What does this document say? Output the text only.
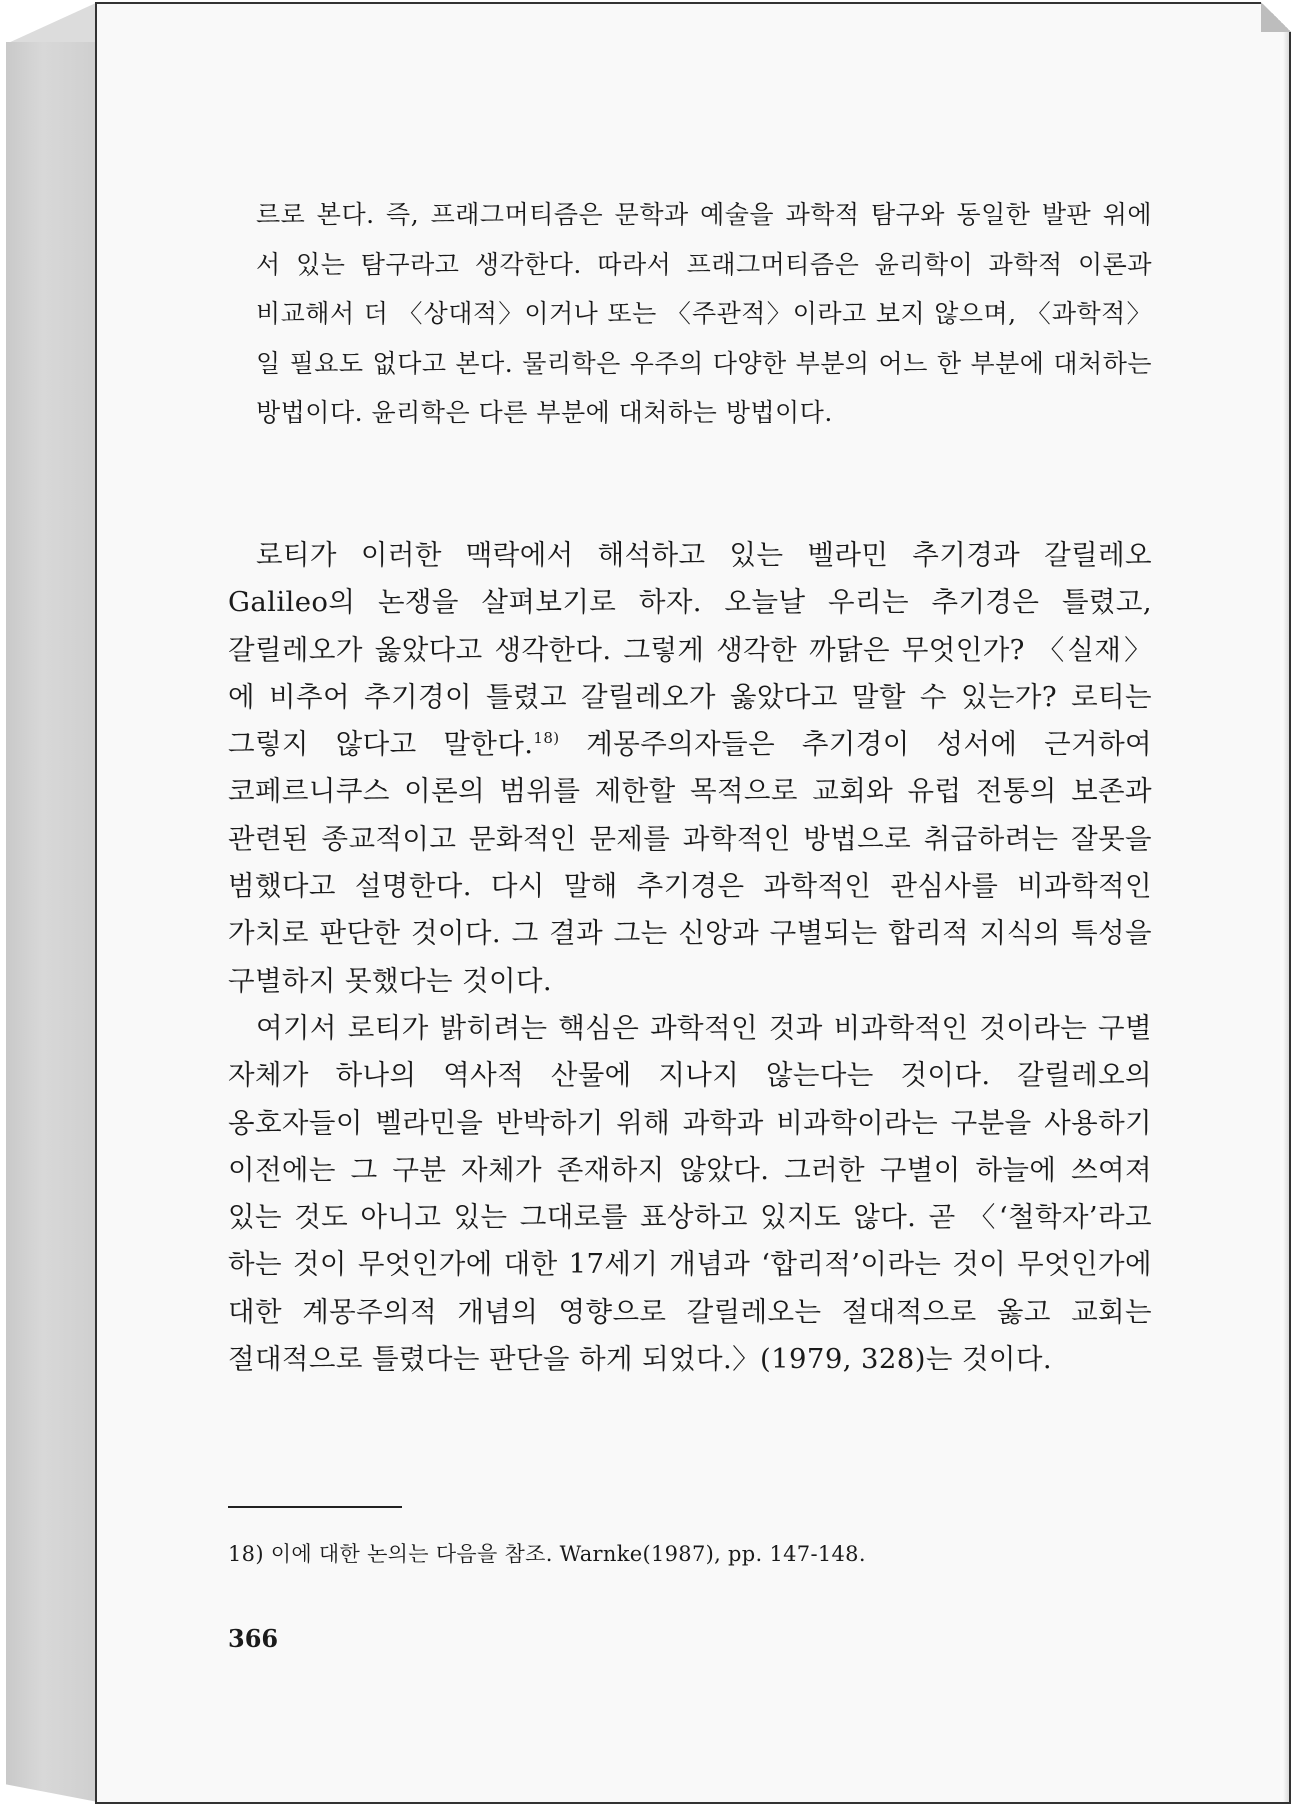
르로 본다. 즉, 프래그머티즘은 문학과 예술을 과학적 탐구와 동일한 발판 위에 서 있는 탐구라고 생각한다. 따라서 프래그머티즘은 윤리학이 과학적 이론과 비교해서 더 〈상대적〉이거나 또는 〈주관적〉이라고 보지 않으며, 〈과학적〉일 필요도 없다고 본다. 물리학은 우주의 다양한 부분의 어느 한 부분에 대처하는 방법이다. 윤리학은 다른 부분에 대처하는 방법이다.

로티가 이러한 맥락에서 해석하고 있는 벨라민 추기경과 갈릴레오 Galileo의 논쟁을 살펴보기로 하자. 오늘날 우리는 추기경은 틀렸고, 갈릴레오가 옳았다고 생각한다. 그렇게 생각한 까닭은 무엇인가? 〈실재〉에 비추어 추기경이 틀렸고 갈릴레오가 옳았다고 말할 수 있는가? 로티는 그렇지 않다고 말한다.$^{18)}$ 계몽주의자들은 추기경이 성서에 근거하여 코페르니쿠스 이론의 범위를 제한할 목적으로 교회와 유럽 전통의 보존과 관련된 종교적이고 문화적인 문제를 과학적인 방법으로 취급하려는 잘못을 범했다고 설명한다. 다시 말해 추기경은 과학적인 관심사를 비과학적인 가치로 판단한 것이다. 그 결과 그는 신앙과 구별되는 합리적 지식의 특성을 구별하지 못했다는 것이다.

여기서 로티가 밝히려는 핵심은 과학적인 것과 비과학적인 것이라는 구별 자체가 하나의 역사적 산물에 지나지 않는다는 것이다. 갈릴레오의 옹호자들이 벨라민을 반박하기 위해 과학과 비과학이라는 구분을 사용하기 이전에는 그 구분 자체가 존재하지 않았다. 그러한 구별이 하늘에 쓰여져 있는 것도 아니고 있는 그대로를 표상하고 있지도 않다. 곧 〈‘철학자’라고 하는 것이 무엇인가에 대한 17세기 개념과 ‘합리적’이라는 것이 무엇인가에 대한 계몽주의적 개념의 영향으로 갈릴레오는 절대적으로 옳고 교회는 절대적으로 틀렸다는 판단을 하게 되었다.〉(1979, 328)는 것이다.

18) 이에 대한 논의는 다음을 참조. Warnke(1987), pp. 147-148.
366
